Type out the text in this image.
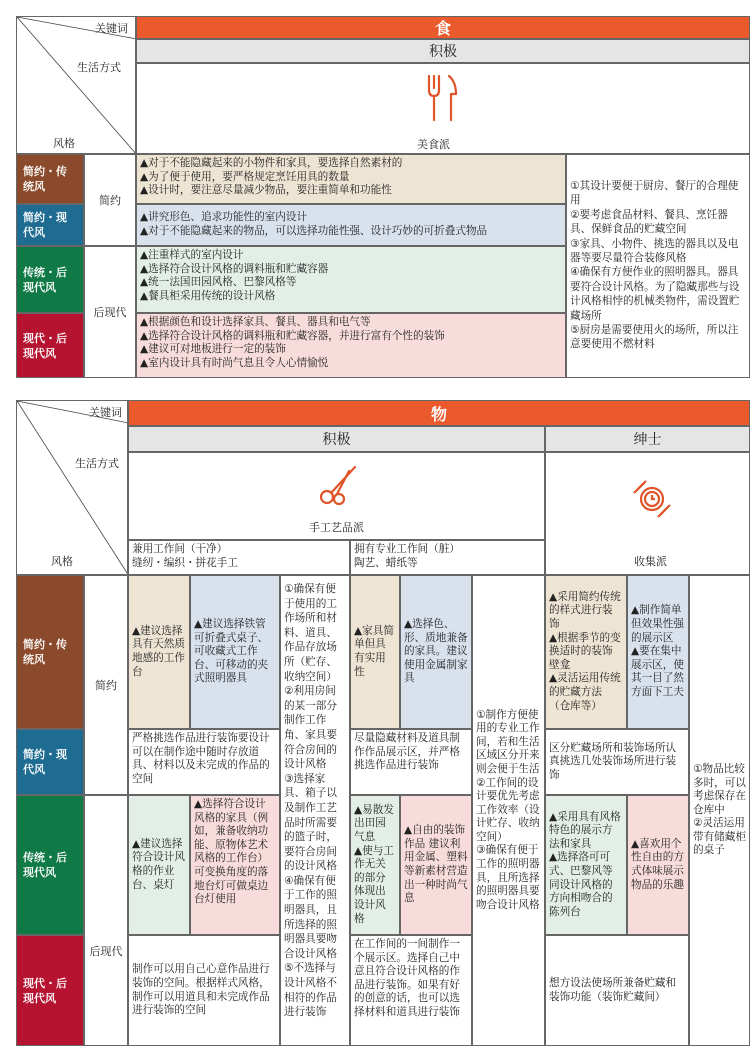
关键词
生活方式
风格
食
积极
美食派
简约・传
统风
简约・现
代风
传统・后
现代风
现代・后
现代风
简约
后现代
▲对于不能隐藏起来的小物件和家具，要选择自然素材的
▲为了便于使用，要严格规定烹饪用具的数量
▲设计时，要注意尽量减少物品，要注重简单和功能性
▲讲究形色、追求功能性的室内设计
▲对于不能隐藏起来的物品，可以选择功能性强、设计巧妙的可折叠式物品
▲注重样式的室内设计
▲选择符合设计风格的调料瓶和贮藏容器
▲统一法国田园风格、巴黎风格等
▲餐具柜采用传统的设计风格
▲根据颜色和设计选择家具、餐具、器具和电气等
▲选择符合设计风格的调料瓶和贮藏容器，并进行富有个性的装饰
▲建议可对地板进行一定的装饰
▲室内设计具有时尚气息且令人心情愉悦
①其设计要便于厨房、餐厅的合理使用
②要考虑食品材料、餐具、烹饪器具、保鲜食品的贮藏空间
③家具、小物件、挑选的器具以及电器等要尽量符合装修风格
④确保有方便作业的照明器具。器具要符合设计风格。为了隐藏那些与设计风格相悖的机械类物件，需设置贮藏场所
⑤厨房是需要使用火的场所，所以注意要使用不燃材料
关键词
生活方式
风格
物
积极	绅士
手工艺品派
收集派
兼用工作间（干净）
缝纫・编织・拼花手工
拥有专业工作间（脏）
陶艺、蜡纸等
简约・传
统风
简约・现
代风
传统・后
现代风
现代・后
现代风
简约
后现代
▲建议选择具有天然质地感的工作台
▲建议选择铁管可折叠式桌子、可收藏式工作台、可移动的夹式照明器具
严格挑选作品进行装饰要设计可以在制作途中随时存放道具、材料以及未完成的作品的空间
▲建议选择符合设计风格的作业台、桌灯
▲选择符合设计风格的家具（例如，兼备收纳功能、原物体艺术风格的工作台）
可变换角度的落地台灯可做桌边台灯使用
制作可以用自己心意作品进行装饰的空间。根据样式风格，制作可以用道具和未完成作品进行装饰的空间
①确保有便于使用的工作场所和材料、道具、作品存放场所（贮存、收纳空间）
②利用房间的某一部分制作工作角、家具要符合房间的设计风格
③选择家具、箱子以及制作工艺品时所需要的篮子时，要符合房间的设计风格
④确保有便于工作的照明器具，且所选择的照明器具要吻合设计风格
⑤不选择与设计风格不相符的作品进行装饰
▲家具简单但具有实用性
▲选择色、形、质地兼备的家具。建议使用金属制家具
尽量隐藏材料及道具制作作品展示区，并严格挑选作品进行装饰
▲易散发出田园气息
▲使与工作无关的部分体现出设计风格
▲自由的装饰作品 建议利用金属、塑料等新素材营造出一种时尚气息
在工作间的一间制作一个展示区。选择自己中意且符合设计风格的作品进行装饰。如果有好的创意的话，也可以选择材料和道具进行装饰
①制作方便使用的专业工作间，若和生活区域区分开来则会便于生活
②工作间的设计要优先考虑工作效率（设计贮存、收纳空间）
③确保有便于工作的照明器具，且所选择的照明器具要吻合设计风格
▲采用简约传统的样式进行装饰
▲根据季节的变换适时的装饰壁龛
▲灵活运用传统的贮藏方法（仓库等）
▲制作简单但效果性强的展示区
▲要在集中展示区，使其一目了然方面下工夫
区分贮藏场所和装饰场所认真挑选几处装饰场所进行装饰
▲采用具有风格特色的展示方法和家具
▲选择洛可可式、巴黎风等同设计风格的方向相吻合的陈列台
▲喜欢用个性自由的方式体味展示物品的乐趣
想方设法使场所兼备贮藏和装饰功能（装饰贮藏间）
①物品比较多时，可以考虑保存在仓库中
②灵活运用带有储藏柜的桌子
